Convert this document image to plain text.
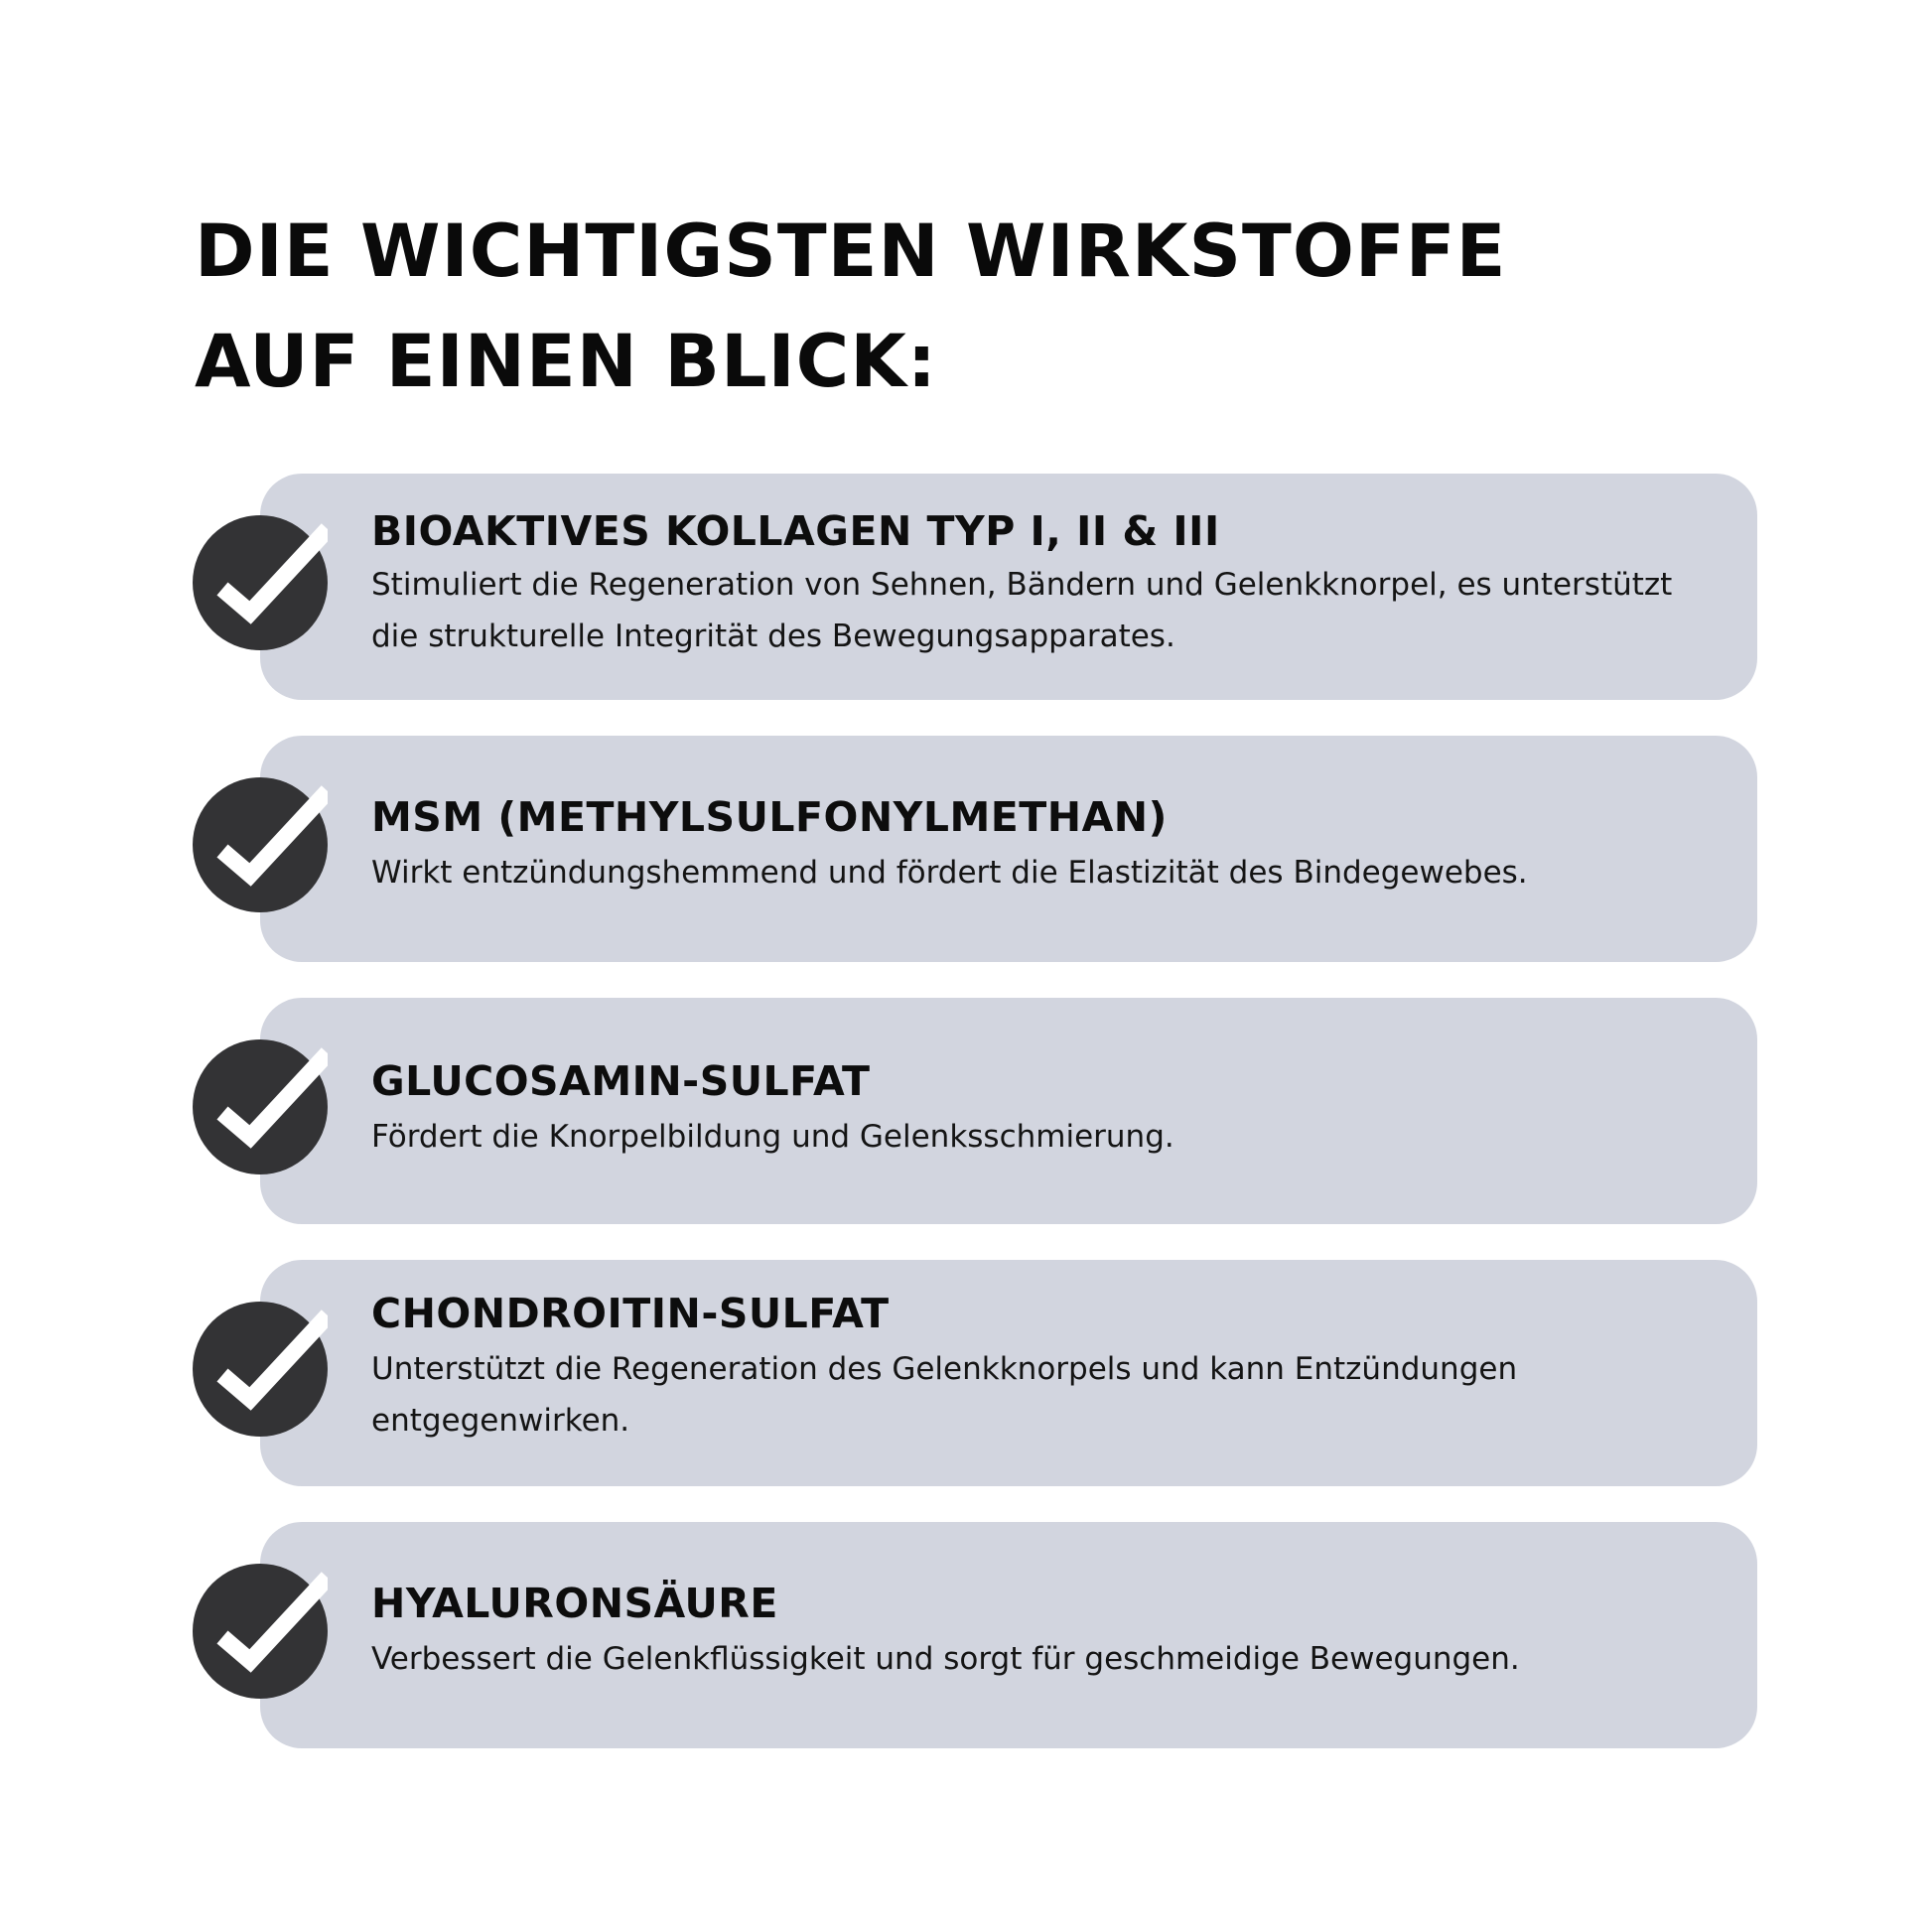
DIE WICHTIGSTEN WIRKSTOFFE
AUF EINEN BLICK:
BIOAKTIVES KOLLAGEN TYP I, II & III
Stimuliert die Regeneration von Sehnen, Bändern und Gelenkknorpel, es unterstützt die strukturelle Integrität des Bewegungsapparates.
MSM (METHYLSULFONYLMETHAN)
Wirkt entzündungshemmend und fördert die Elastizität des Bindegewebes.
GLUCOSAMIN-SULFAT
Fördert die Knorpelbildung und Gelenksschmierung.
CHONDROITIN-SULFAT
Unterstützt die Regeneration des Gelenkknorpels und kann Entzündungen entgegenwirken.
HYALURONSÄURE
Verbessert die Gelenkflüssigkeit und sorgt für geschmeidige Bewegungen.
